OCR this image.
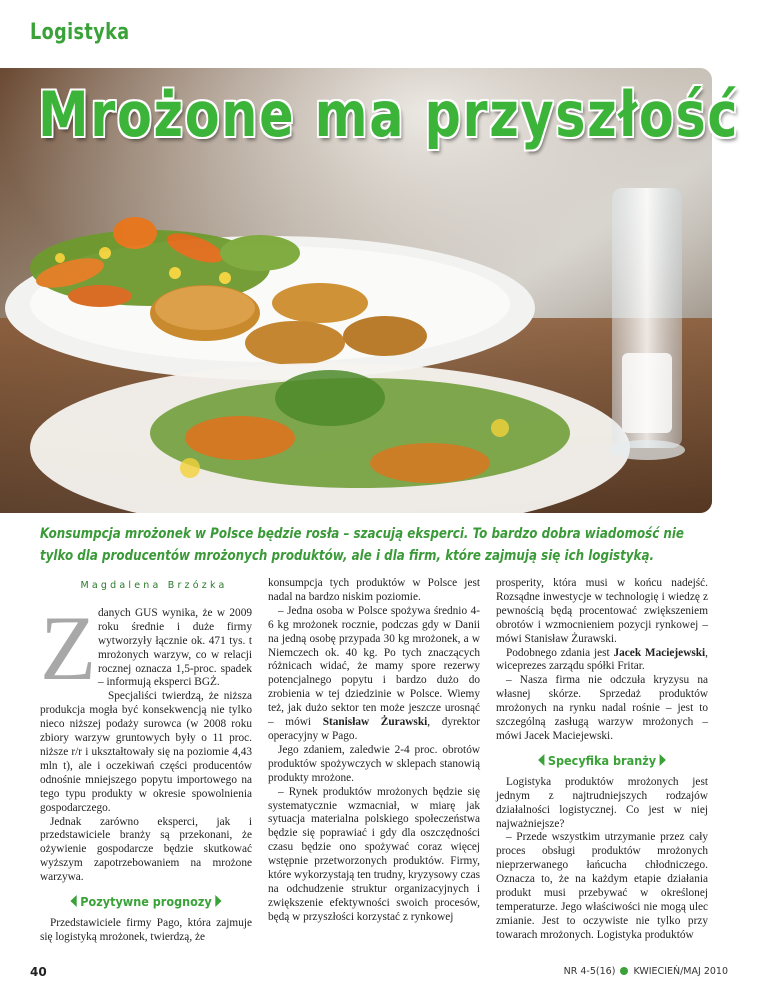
Logistyka
Mrożone ma przyszłość
Konsumpcja mrożonek w Polsce będzie rosła – szacują eksperci. To bardzo dobra wiadomość nie tylko dla producentów mrożonych produktów, ale i dla firm, które zajmują się ich logistyką.
Magdalena Brzózka
Z danych GUS wynika, że w 2009 roku średnie i duże firmy wytworzyły łącznie ok. 471 tys. t mrożonych warzyw, co w relacji rocznej oznacza 1,5-proc. spadek – informują eksperci BGŻ.

Specjaliści twierdzą, że niższa produkcja mogła być konsekwencją nie tylko nieco niższej podaży surowca (w 2008 roku zbiory warzyw gruntowych były o 11 proc. niższe r/r i ukształtowały się na poziomie 4,43 mln t), ale i oczekiwań części producentów odnośnie mniejszego popytu importowego na tego typu produkty w okresie spowolnienia gospodarczego.

Jednak zarówno eksperci, jak i przedstawiciele branży są przekonani, że ożywienie gospodarcze będzie skutkować wyższym zapotrzebowaniem na mrożone warzywa.

Pozytywne prognozy

Przedstawiciele firmy Pago, która zajmuje się logistyką mrożonek, twierdzą, że

konsumpcja tych produktów w Polsce jest nadal na bardzo niskim poziomie.

– Jedna osoba w Polsce spożywa średnio 4-6 kg mrożonek rocznie, podczas gdy w Danii na jedną osobę przypada 30 kg mrożonek, a w Niemczech ok. 40 kg. Po tych znaczących różnicach widać, że mamy spore rezerwy potencjalnego popytu i bardzo dużo do zrobienia w tej dziedzinie w Polsce. Wiemy też, jak dużo sektor ten może jeszcze urosnąć – mówi Stanisław Żurawski, dyrektor operacyjny w Pago.

Jego zdaniem, zaledwie 2-4 proc. obrotów produktów spożywczych w sklepach stanowią produkty mrożone.

– Rynek produktów mrożonych będzie się systematycznie wzmacniał, w miarę jak sytuacja materialna polskiego społeczeństwa będzie się poprawiać i gdy dla oszczędności czasu będzie ono spożywać coraz więcej wstępnie przetworzonych produktów. Firmy, które wykorzystają ten trudny, kryzysowy czas na odchudzenie struktur organizacyjnych i zwiększenie efektywności swoich procesów, będą w przyszłości korzystać z rynkowej

prosperity, która musi w końcu nadejść. Rozsądne inwestycje w technologię i wiedzę z pewnością będą procentować zwiększeniem obrotów i wzmocnieniem pozycji rynkowej – mówi Stanisław Żurawski.

Podobnego zdania jest Jacek Maciejewski, wiceprezes zarządu spółki Fritar.

– Nasza firma nie odczuła kryzysu na własnej skórze. Sprzedaż produktów mrożonych na rynku nadal rośnie – jest to szczególną zasługą warzyw mrożonych – mówi Jacek Maciejewski.

Specyfika branży

Logistyka produktów mrożonych jest jednym z najtrudniejszych rodzajów działalności logistycznej. Co jest w niej najważniejsze?

– Przede wszystkim utrzymanie przez cały proces obsługi produktów mrożonych nieprzerwanego łańcucha chłodniczego. Oznacza to, że na każdym etapie działania produkt musi przebywać w określonej temperaturze. Jego właściwości nie mogą ulec zmianie. Jest to oczywiste nie tylko przy towarach mrożonych. Logistyka produktów

40	NR 4-5(16) KWIECIEŃ/MAJ 2010
